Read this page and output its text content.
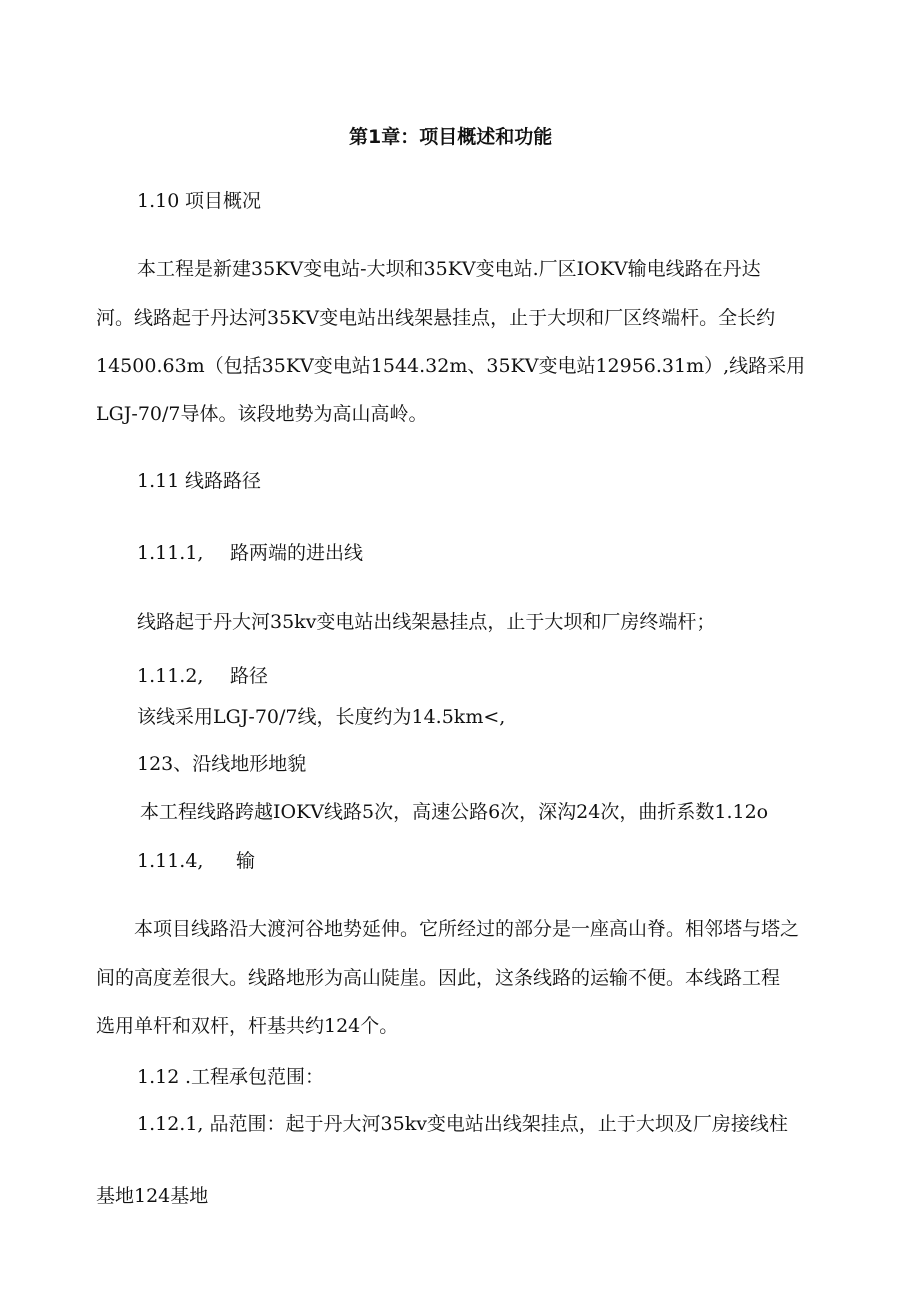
第1章：项目概述和功能
1.10 项目概况

本工程是新建35KV变电站-大坝和35KV变电站.厂区IOKV输电线路在丹达

河。线路起于丹达河35KV变电站出线架悬挂点，止于大坝和厂区终端杆。全长约

14500.63m（包括35KV变电站1544.32m、35KV变电站12956.31m）,线路采用

LGJ-70/7导体。该段地势为高山高岭。

1.11 线路路径
1.11.1, 路两端的进出线

线路起于丹大河35kv变电站出线架悬挂点，止于大坝和厂房终端杆；

1.11.2, 路径

该线采用LGJ-70/7线，长度约为14.5km<,

123、沿线地形地貌

本工程线路跨越IOKV线路5次，高速公路6次，深沟24次，曲折系数1.12o

1.11.4, 输

本项目线路沿大渡河谷地势延伸。它所经过的部分是一座高山脊。相邻塔与塔之

间的高度差很大。线路地形为高山陡崖。因此，这条线路的运输不便。本线路工程

选用单杆和双杆，杆基共约124个。

1.12 .工程承包范围：
1.12.1, 品范围：起于丹大河35kv变电站出线架挂点，止于大坝及厂房接线柱

基地124基地
